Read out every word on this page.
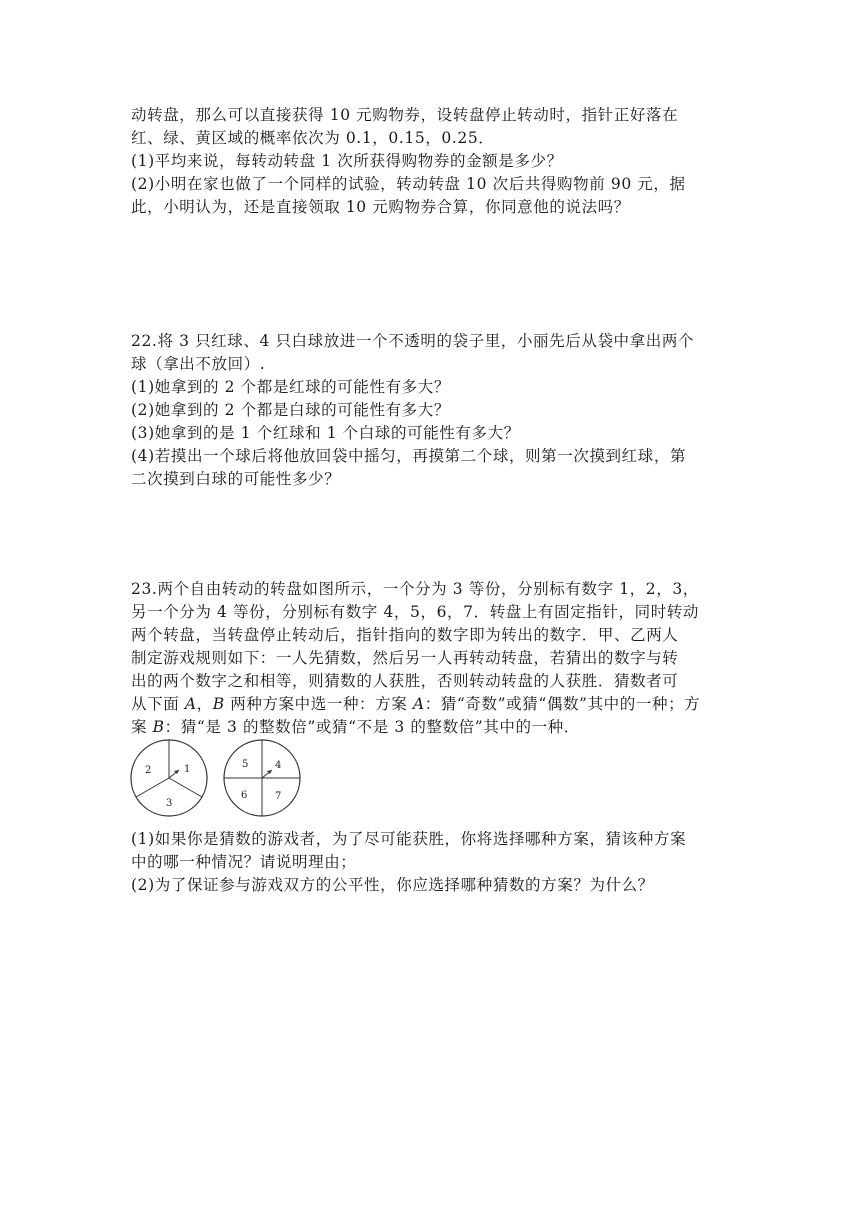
动转盘，那么可以直接获得 10 元购物券，设转盘停止转动时，指针正好落在
红、绿、黄区域的概率依次为 0.1，0.15，0.25．
(1)平均来说，每转动转盘 1 次所获得购物券的金额是多少？
(2)小明在家也做了一个同样的试验，转动转盘 10 次后共得购物前 90 元，据
此，小明认为，还是直接领取 10 元购物券合算，你同意他的说法吗？
22.将 3 只红球、4 只白球放进一个不透明的袋子里，小丽先后从袋中拿出两个
球（拿出不放回）.
(1)她拿到的 2 个都是红球的可能性有多大？
(2)她拿到的 2 个都是白球的可能性有多大？
(3)她拿到的是 1 个红球和 1 个白球的可能性有多大？
(4)若摸出一个球后将他放回袋中摇匀，再摸第二个球，则第一次摸到红球，第
二次摸到白球的可能性多少？
23.两个自由转动的转盘如图所示，一个分为 3 等份，分别标有数字 1，2，3，
另一个分为 4 等份，分别标有数字 4，5，6，7．转盘上有固定指针，同时转动
两个转盘，当转盘停止转动后，指针指向的数字即为转出的数字．甲、乙两人
制定游戏规则如下：一人先猜数，然后另一人再转动转盘，若猜出的数字与转
出的两个数字之和相等，则猜数的人获胜，否则转动转盘的人获胜．猜数者可
从下面 A，B 两种方案中选一种：方案 A：猜“奇数”或猜“偶数”其中的一种；方
案 B：猜“是 3 的整数倍”或猜“不是 3 的整数倍”其中的一种．
1
2
3
4
5
6	7
(1)如果你是猜数的游戏者，为了尽可能获胜，你将选择哪种方案，猜该种方案
中的哪一种情况？请说明理由；
(2)为了保证参与游戏双方的公平性，你应选择哪种猜数的方案？为什么？
